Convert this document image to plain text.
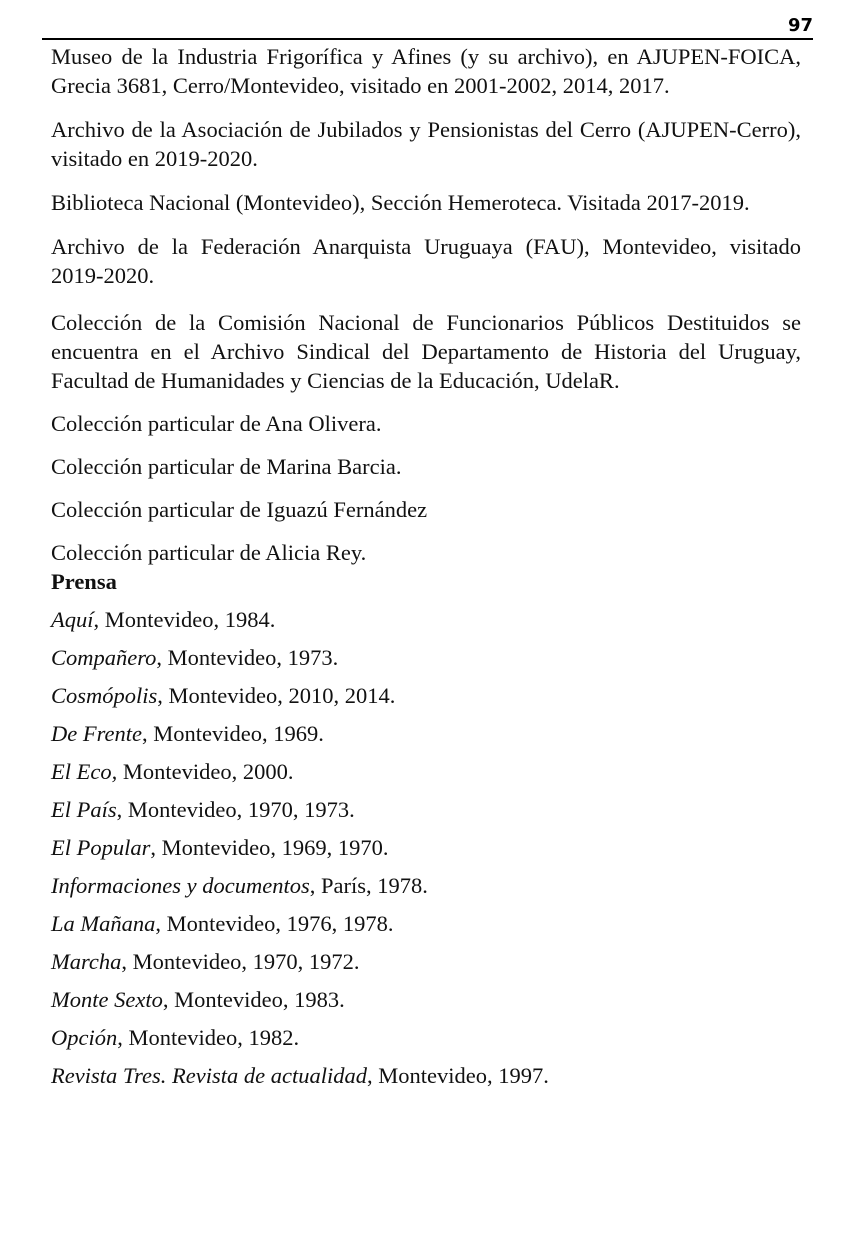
97

Museo de la Industria Frigorífica y Afines (y su archivo), en AJUPEN-FOICA, Grecia 3681, Cerro/Montevideo, visitado en 2001-2002, 2014, 2017.

Archivo de la Asociación de Jubilados y Pensionistas del Cerro (AJUPEN-Cerro), visitado en 2019-2020.

Biblioteca Nacional (Montevideo), Sección Hemeroteca. Visitada 2017-2019.

Archivo de la Federación Anarquista Uruguaya (FAU), Montevideo, visitado 2019-2020.

Colección de la Comisión Nacional de Funcionarios Públicos Destituidos se encuentra en el Archivo Sindical del Departamento de Historia del Uruguay, Facultad de Humanidades y Ciencias de la Educación, UdelaR.

Colección particular de Ana Olivera.

Colección particular de Marina Barcia.

Colección particular de Iguazú Fernández

Colección particular de Alicia Rey.

Prensa

Aquí, Montevideo, 1984.

Compañero, Montevideo, 1973.

Cosmópolis, Montevideo, 2010, 2014.

De Frente, Montevideo, 1969.

El Eco, Montevideo, 2000.

El País, Montevideo, 1970, 1973.

El Popular, Montevideo, 1969, 1970.

Informaciones y documentos, París, 1978.

La Mañana, Montevideo, 1976, 1978.

Marcha, Montevideo, 1970, 1972.

Monte Sexto, Montevideo, 1983.

Opción, Montevideo, 1982.

Revista Tres. Revista de actualidad, Montevideo, 1997.
